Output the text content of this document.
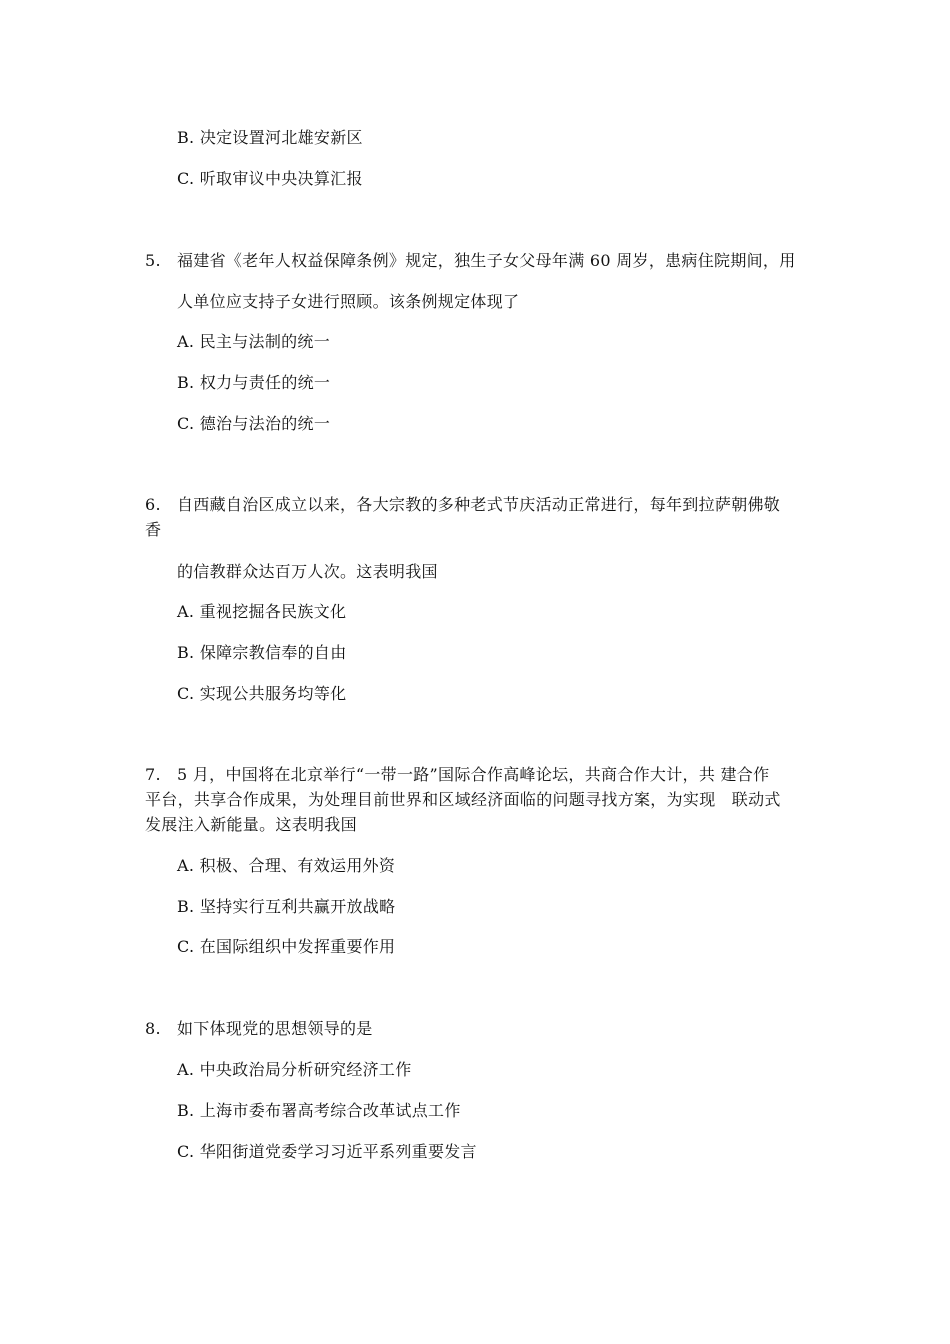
B. 决定设置河北雄安新区
C. 听取审议中央决算汇报
5. 福建省《老年人权益保障条例》规定，独生子女父母年满 60 周岁，患病住院期间，用
人单位应支持子女进行照顾。该条例规定体现了
A. 民主与法制的统一
B. 权力与责任的统一
C. 德治与法治的统一
6. 自西藏自治区成立以来，各大宗教的多种老式节庆活动正常进行，每年到拉萨朝佛敬
香
的信教群众达百万人次。这表明我国
A. 重视挖掘各民族文化
B. 保障宗教信奉的自由
C. 实现公共服务均等化
7. 5 月，中国将在北京举行“一带一路”国际合作高峰论坛，共商合作大计，共 建合作
平台，共享合作成果，为处理目前世界和区域经济面临的问题寻找方案，为实现　联动式
发展注入新能量。这表明我国
A. 积极、合理、有效运用外资
B. 坚持实行互利共赢开放战略
C. 在国际组织中发挥重要作用
8. 如下体现党的思想领导的是
A. 中央政治局分析研究经济工作
B. 上海市委布署高考综合改革试点工作
C. 华阳街道党委学习习近平系列重要发言
